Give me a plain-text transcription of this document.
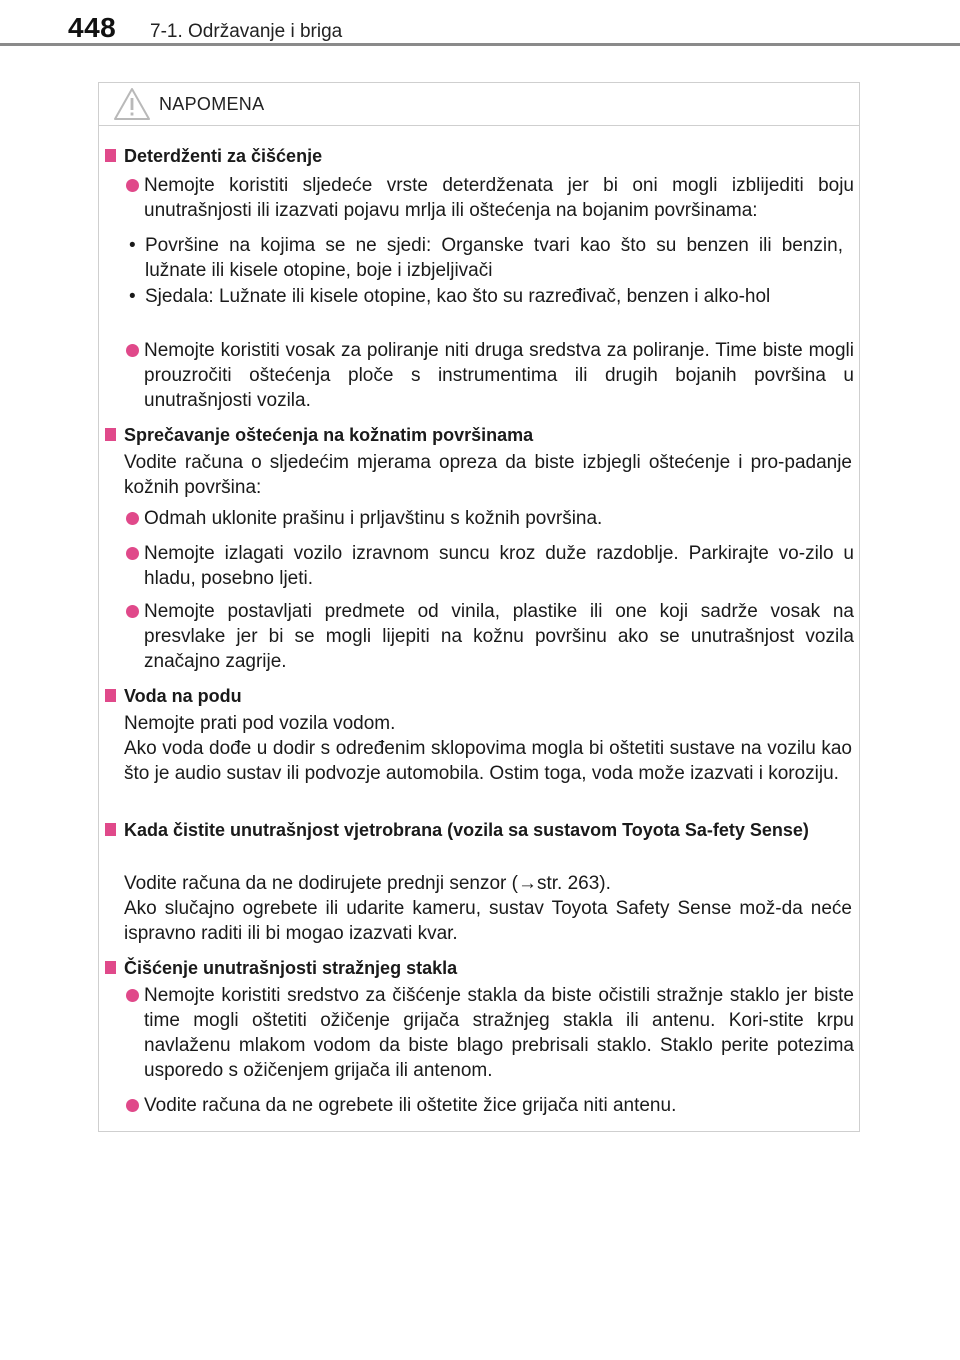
448 7-1. Održavanje i briga
NAPOMENA
Deterdženti za čišćenje
Nemojte koristiti sljedeće vrste deterdženata jer bi oni mogli izblijediti boju unutrašnjosti ili izazvati pojavu mrlja ili oštećenja na bojanim površinama:
• Površine na kojima se ne sjedi: Organske tvari kao što su benzen ili benzin, lužnate ili kisele otopine, boje i izbjeljivači
• Sjedala: Lužnate ili kisele otopine, kao što su razređivač, benzen i alko-hol
Nemojte koristiti vosak za poliranje niti druga sredstva za poliranje. Time biste mogli prouzročiti oštećenja ploče s instrumentima ili drugih bojanih površina u unutrašnjosti vozila.
Sprečavanje oštećenja na kožnatim površinama
Vodite računa o sljedećim mjerama opreza da biste izbjegli oštećenje i pro-padanje kožnih površina:
Odmah uklonite prašinu i prljavštinu s kožnih površina.
Nemojte izlagati vozilo izravnom suncu kroz duže razdoblje. Parkirajte vo-zilo u hladu, posebno ljeti.
Nemojte postavljati predmete od vinila, plastike ili one koji sadrže vosak na presvlake jer bi se mogli lijepiti na kožnu površinu ako se unutrašnjost vozila značajno zagrije.
Voda na podu
Nemojte prati pod vozila vodom.
Ako voda dođe u dodir s određenim sklopovima mogla bi oštetiti sustave na vozilu kao što je audio sustav ili podvozje automobila. Ostim toga, voda može izazvati i koroziju.
Kada čistite unutrašnjost vjetrobrana (vozila sa sustavom Toyota Sa-fety Sense)
Vodite računa da ne dodirujete prednji senzor (→str. 263).
Ako slučajno ogrebete ili udarite kameru, sustav Toyota Safety Sense mož-da neće ispravno raditi ili bi mogao izazvati kvar.
Čišćenje unutrašnjosti stražnjeg stakla
Nemojte koristiti sredstvo za čišćenje stakla da biste očistili stražnje staklo jer biste time mogli oštetiti ožičenje grijača stražnjeg stakla ili antenu. Kori-stite krpu navlaženu mlakom vodom da biste blago prebrisali staklo. Staklo perite potezima usporedo s ožičenjem grijača ili antenom.
Vodite računa da ne ogrebete ili oštetite žice grijača niti antenu.
